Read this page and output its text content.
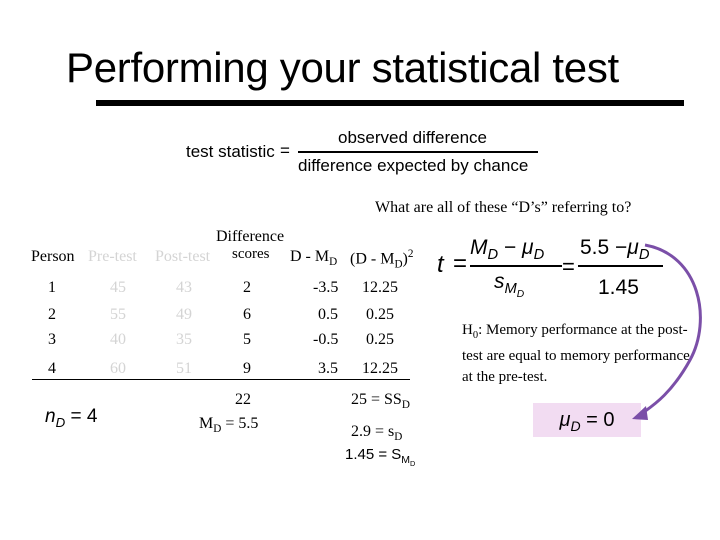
Performing your statistical test
test statistic =
observed difference
difference expected by chance
What are all of these “D’s” referring to?
Difference
Person Pre-test Post-test scores D - $M_D$ $(D - M_D)^2$
1	45	43	2	-3.5 12.25
2	55	49	6	0.5 0.25
3	40	35	5	-0.5 0.25
4	60	51	9	3.5 12.25
22
$M_D = 5.5$
$25 = SS_D$
$2.9 = s_D$
$1.45 = S_{M_D}$
$n_D = 4$
t =
$M_D - \mu_D$
$s_{M_D}$
=
$5.5 -\mu_D$
1.45
$H_0$: Memory performance at the post-test are equal to memory performance at the pre-test.
$\mu_D = 0$
